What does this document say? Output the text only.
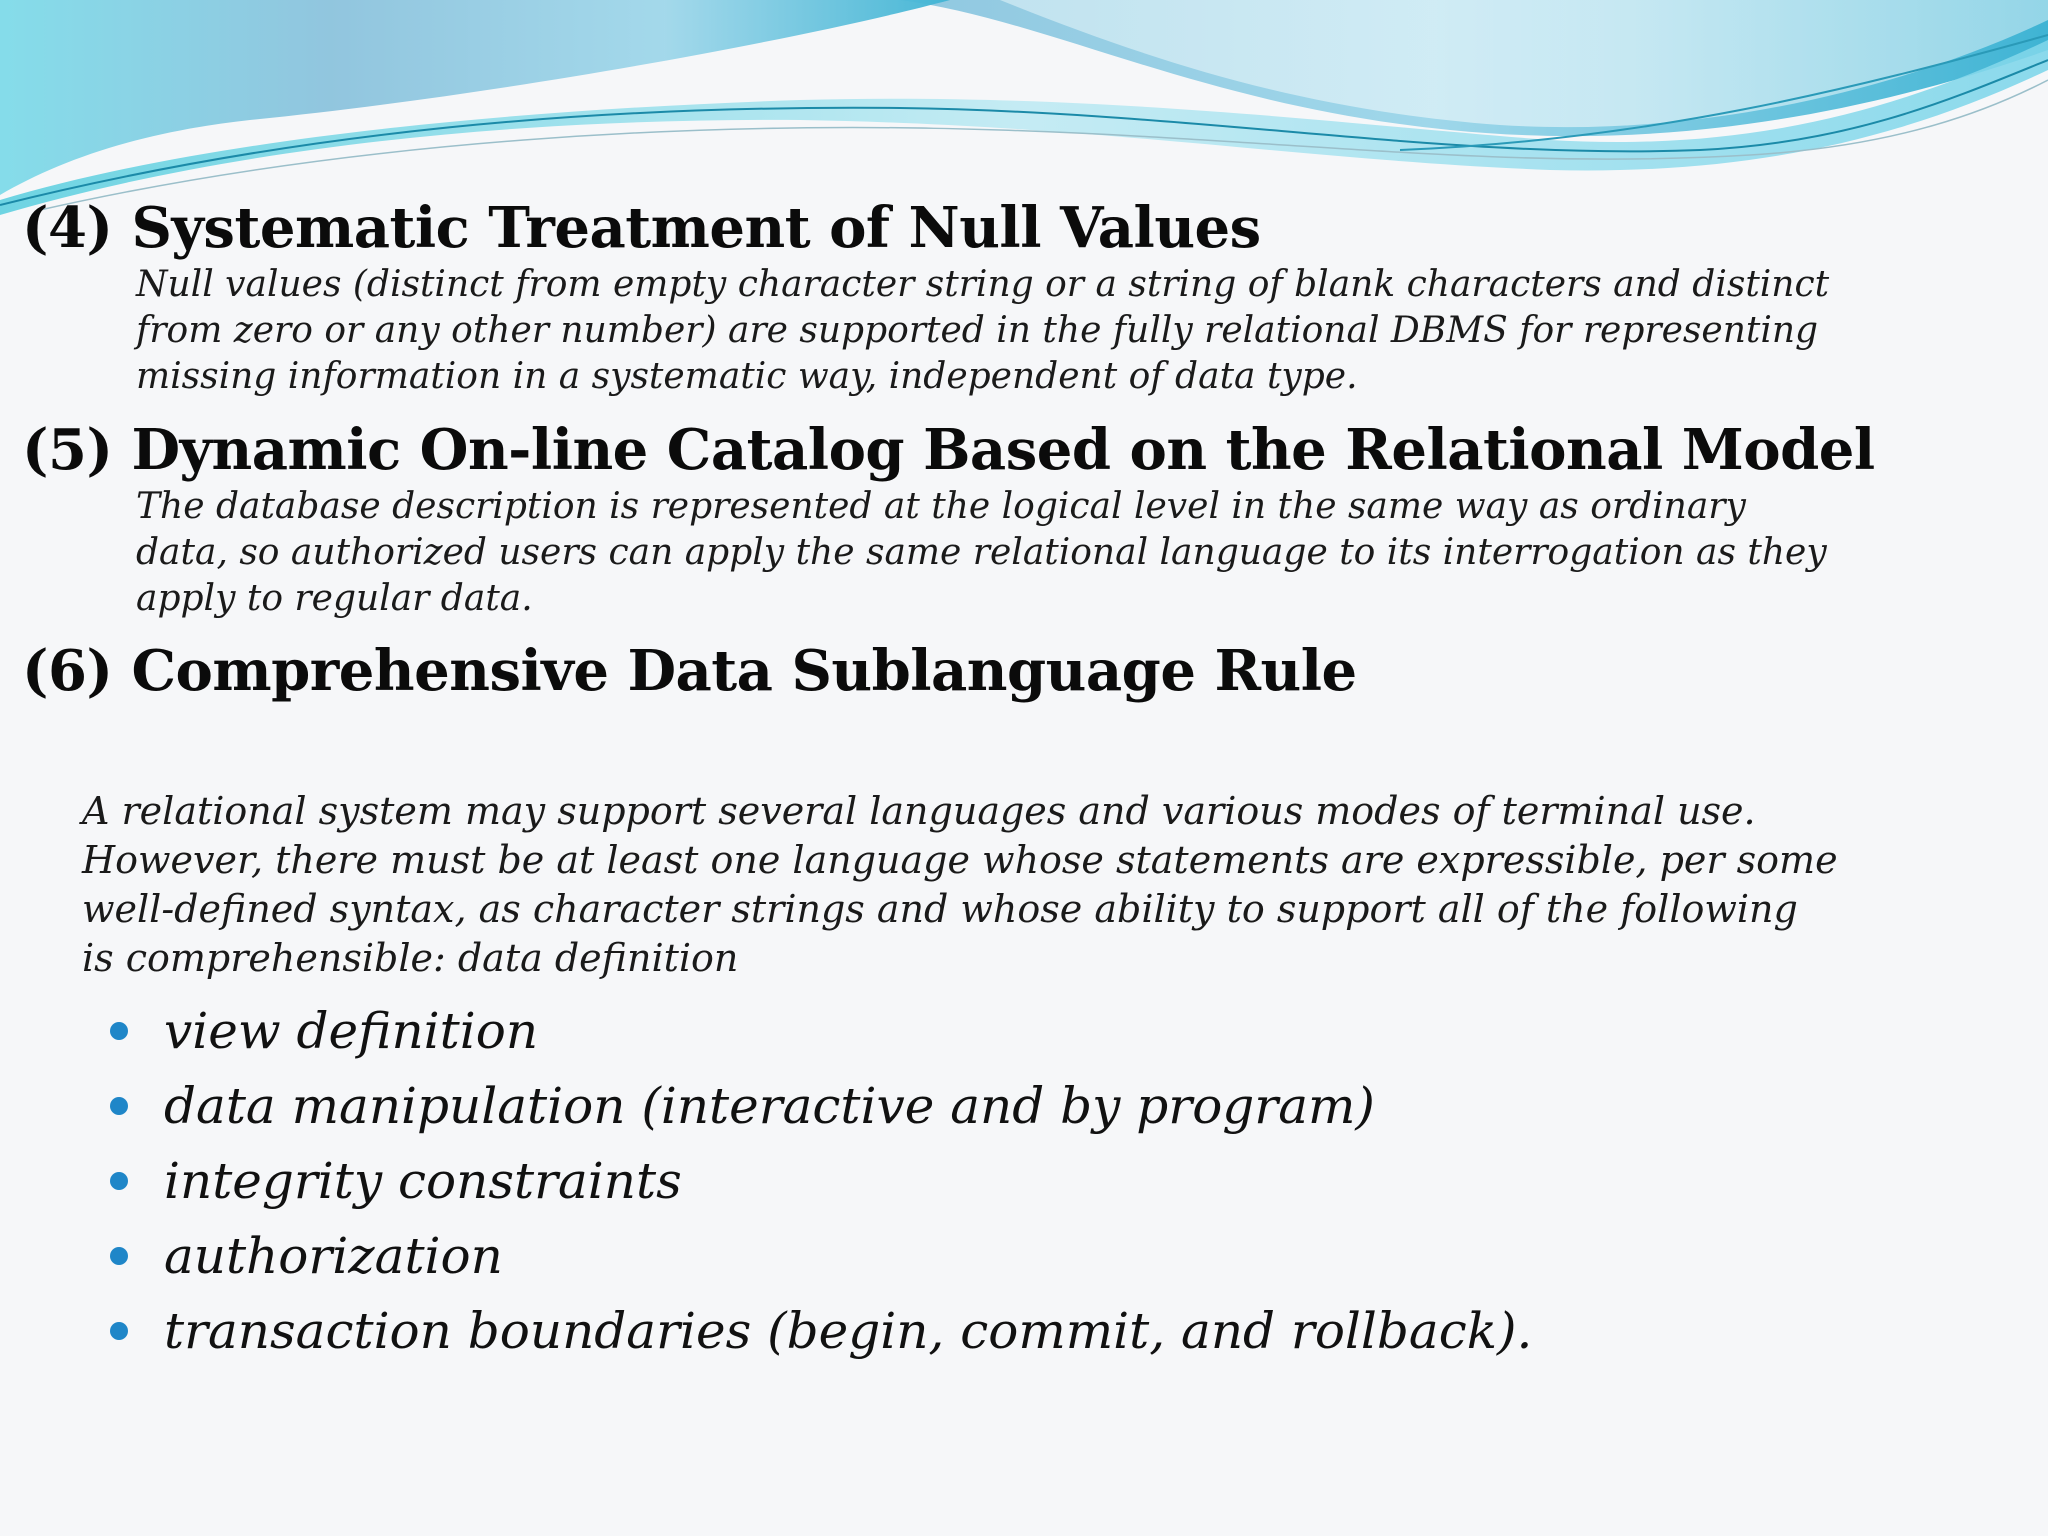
(4) Systematic Treatment of Null Values

Null values (distinct from empty character string or a string of blank characters and distinct
from zero or any other number) are supported in the fully relational DBMS for representing
missing information in a systematic way, independent of data type.

(5) Dynamic On-line Catalog Based on the Relational Model

The database description is represented at the logical level in the same way as ordinary
data, so authorized users can apply the same relational language to its interrogation as they
apply to regular data.

(6) Comprehensive Data Sublanguage Rule

A relational system may support several languages and various modes of terminal use.
However, there must be at least one language whose statements are expressible, per some
well-defined syntax, as character strings and whose ability to support all of the following
is comprehensible: data definition

view definition
data manipulation (interactive and by program)
integrity constraints
authorization
transaction boundaries (begin, commit, and rollback).
